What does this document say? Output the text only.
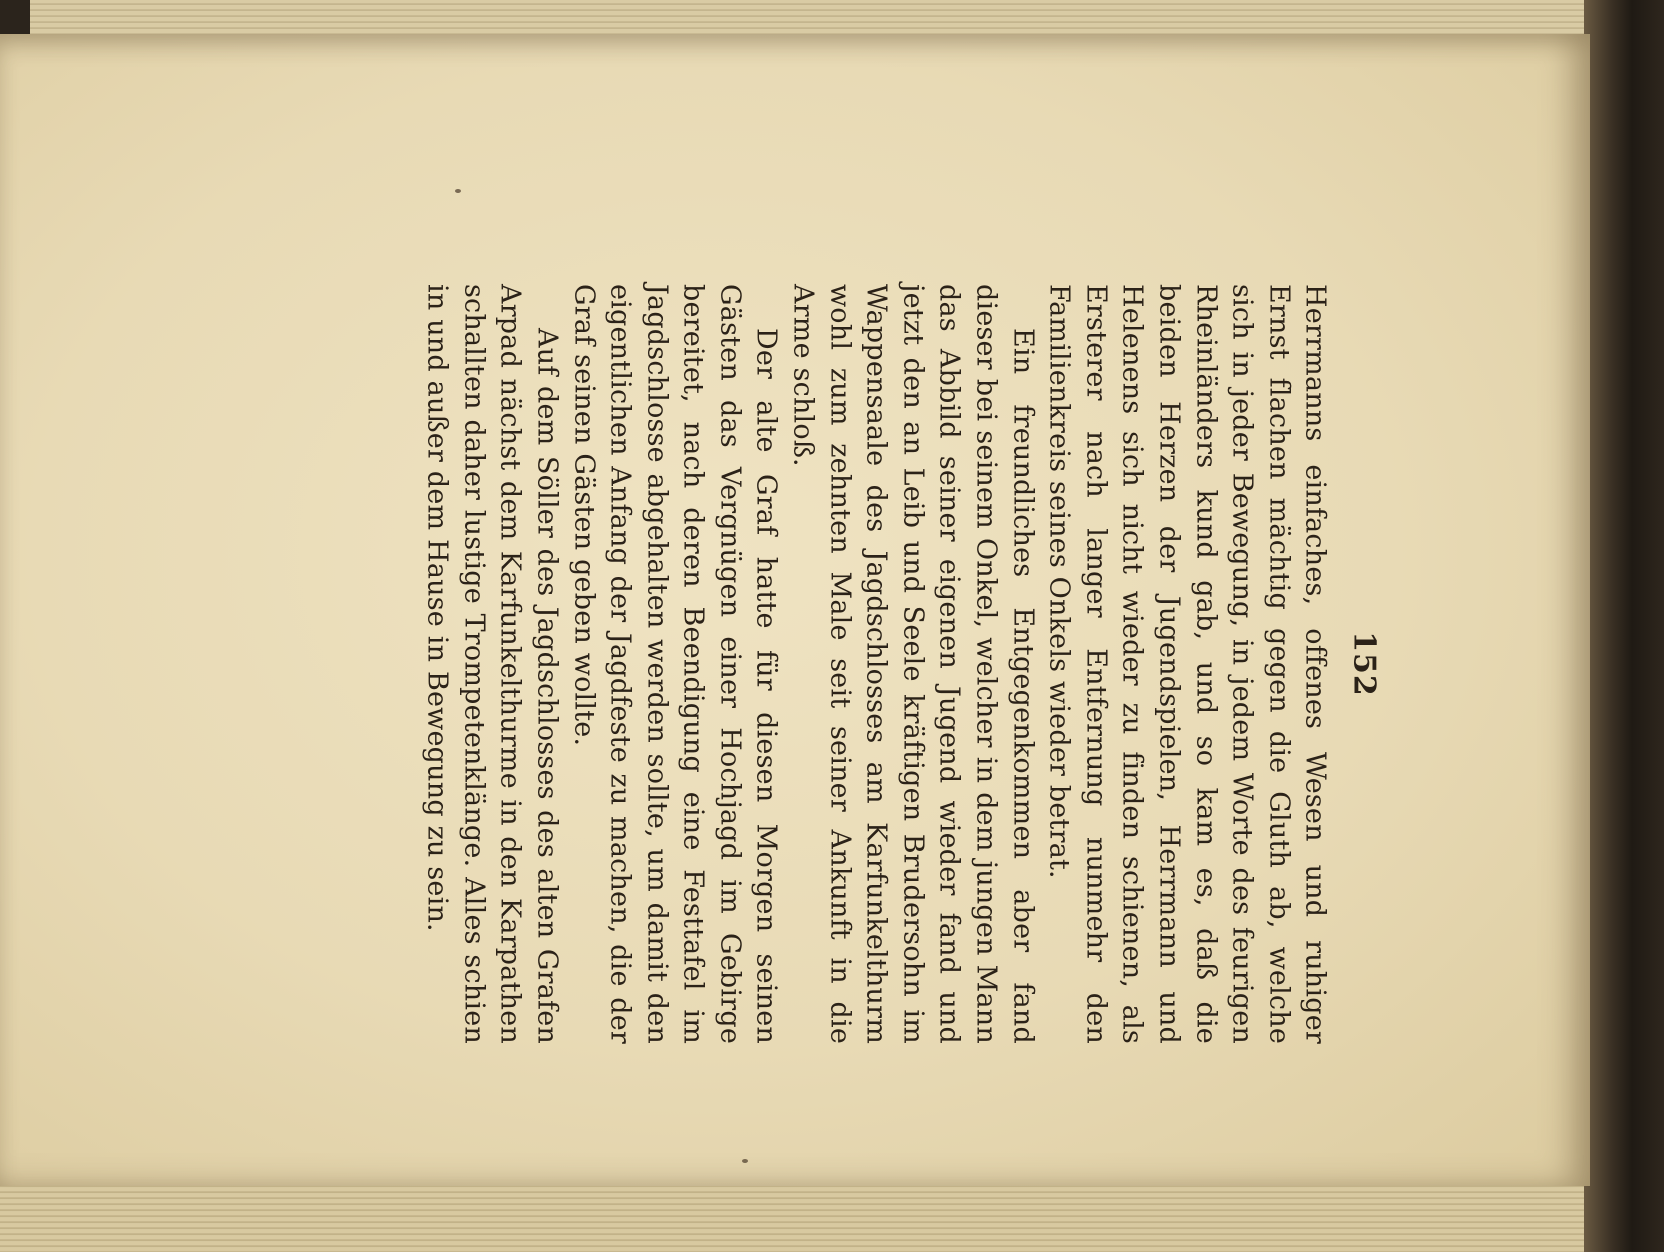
152

Herrmanns einfaches, offenes Wesen und ruhiger Ernst flachen mächtig gegen die Gluth ab, welche sich in jeder Bewegung, in jedem Worte des feurigen Rheinländers kund gab, und so kam es, daß die beiden Herzen der Jugendspielen, Herrmann und Helenens sich nicht wieder zu finden schienen, als Ersterer nach langer Entfernung nunmehr den Familienkreis seines Onkels wieder betrat.

Ein freundliches Entgegenkommen aber fand dieser bei seinem Onkel, welcher in dem jungen Mann das Abbild seiner eigenen Jugend wieder fand und jetzt den an Leib und Seele kräftigen Brudersohn im Wappensaale des Jagdschlosses am Karfunkelthurm wohl zum zehnten Male seit seiner Ankunft in die Arme schloß.

Der alte Graf hatte für diesen Morgen seinen Gästen das Vergnügen einer Hochjagd im Gebirge bereitet, nach deren Beendigung eine Festtafel im Jagdschlosse abgehalten werden sollte, um damit den eigentlichen Anfang der Jagdfeste zu machen, die der Graf seinen Gästen geben wollte.

Auf dem Söller des Jagdschlosses des alten Grafen Arpad nächst dem Karfunkelthurme in den Karpathen schallten daher lustige Trompetenklänge. Alles schien in und außer dem Hause in Bewegung zu sein.
